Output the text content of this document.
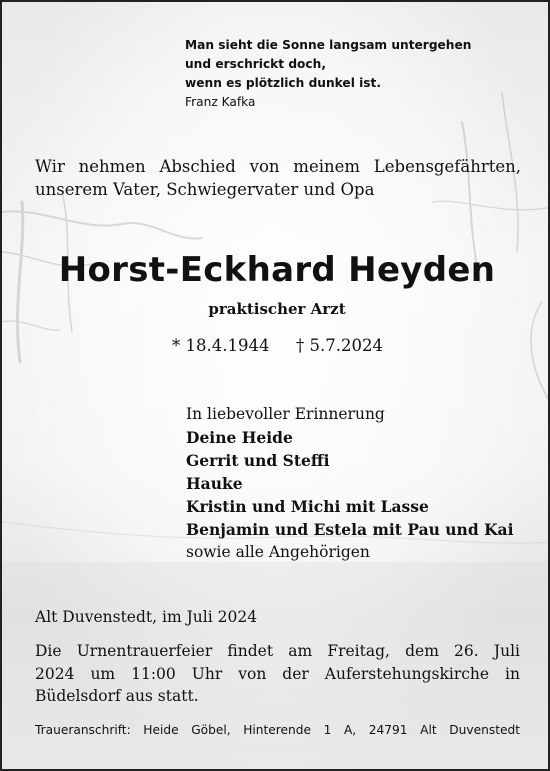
Man sieht die Sonne langsam untergehen
und erschrickt doch,
wenn es plötzlich dunkel ist.
Franz Kafka
Wir nehmen Abschied von meinem Lebensgefährten,
unserem Vater, Schwiegervater und Opa
Horst-Eckhard Heyden
praktischer Arzt
* 18.4.1944 † 5.7.2024
In liebevoller Erinnerung
Deine Heide
Gerrit und Steffi
Hauke
Kristin und Michi mit Lasse
Benjamin und Estela mit Pau und Kai
sowie alle Angehörigen
Alt Duvenstedt, im Juli 2024
Die Urnentrauerfeier findet am Freitag, dem 26. Juli
2024 um 11:00 Uhr von der Auferstehungskirche in
Büdelsdorf aus statt.
Traueranschrift: Heide Göbel, Hinterende 1 A, 24791 Alt Duvenstedt
